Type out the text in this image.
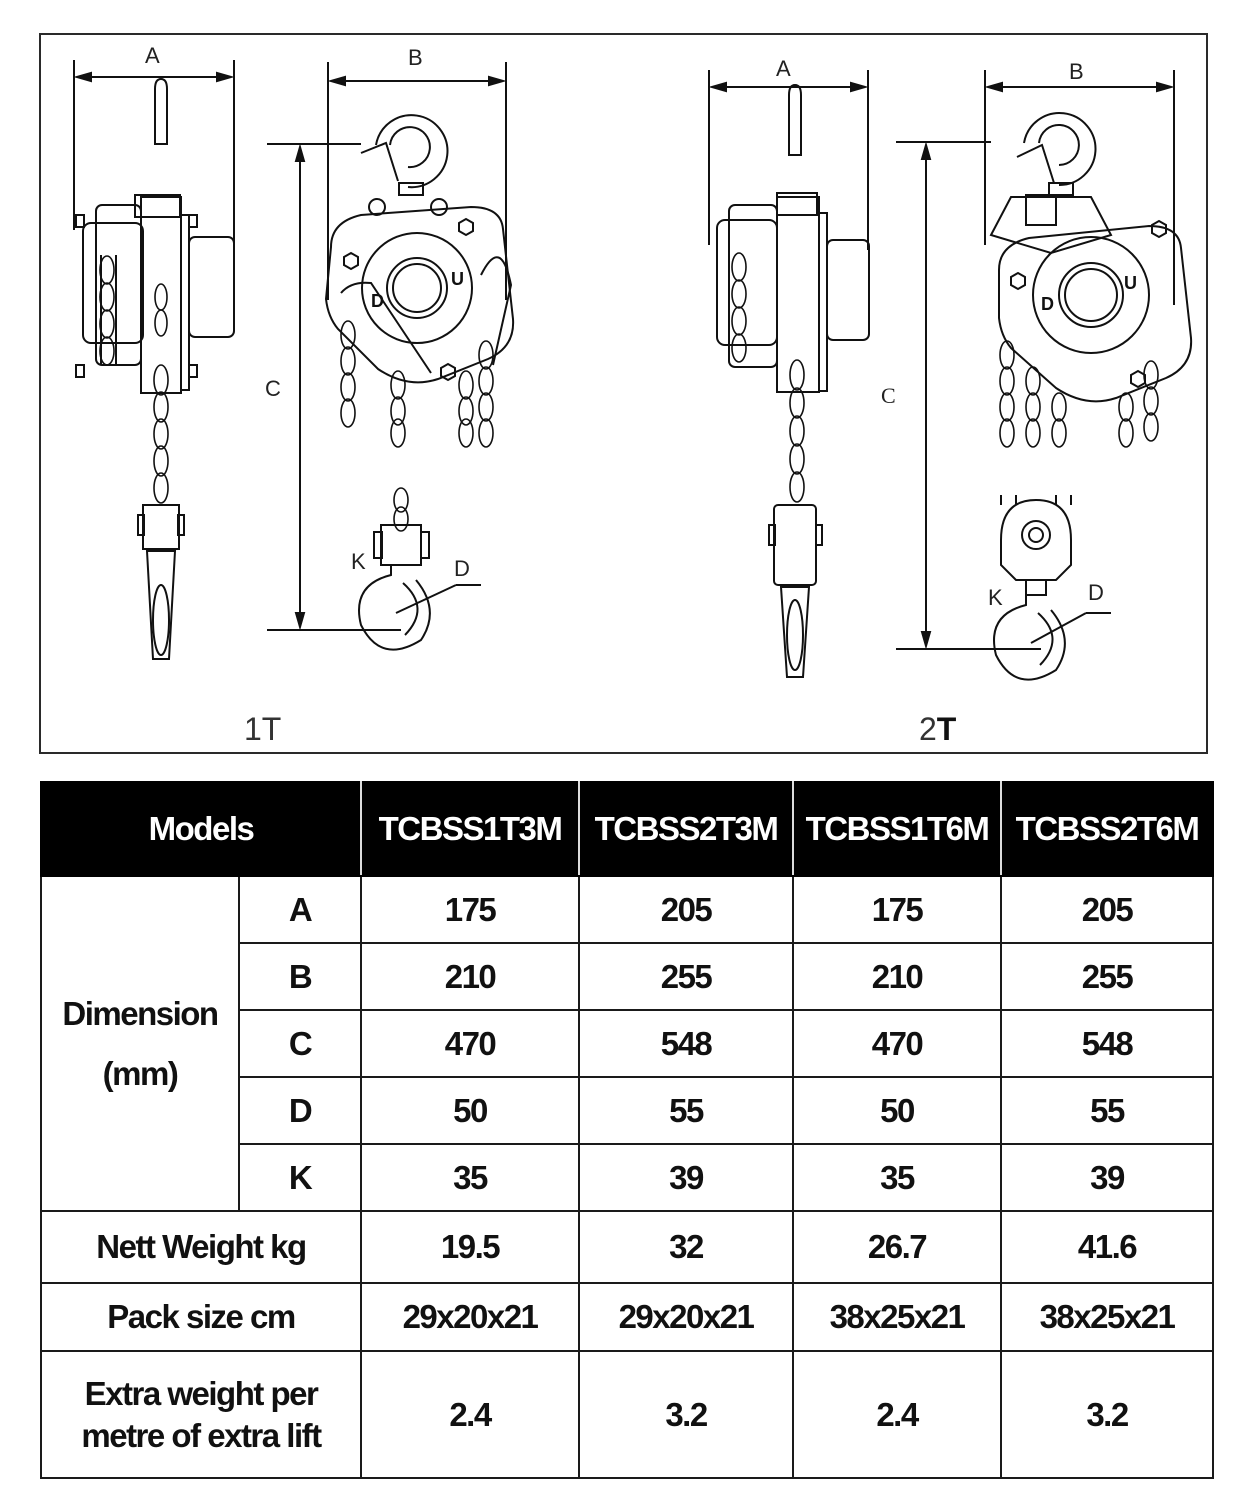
D
U
D
U
A	B
C
D
K
1T
A	B
C
D
K
2T
Models		TCBSS1T3M	TCBSS2T3M	TCBSS1T6M	TCBSS2T6M

Dimension
(mm)	A	175	205	175	205
	B	210	255	210	255
	C	470	548	470	548
	D	50	55	50	55
	K	35	39	35	39
Nett Weight kg		19.5	32	26.7	41.6
Pack size cm		29x20x21	29x20x21	38x25x21	38x25x21

Extra weight per
metre of extra lift		2.4	3.2	2.4	3.2
